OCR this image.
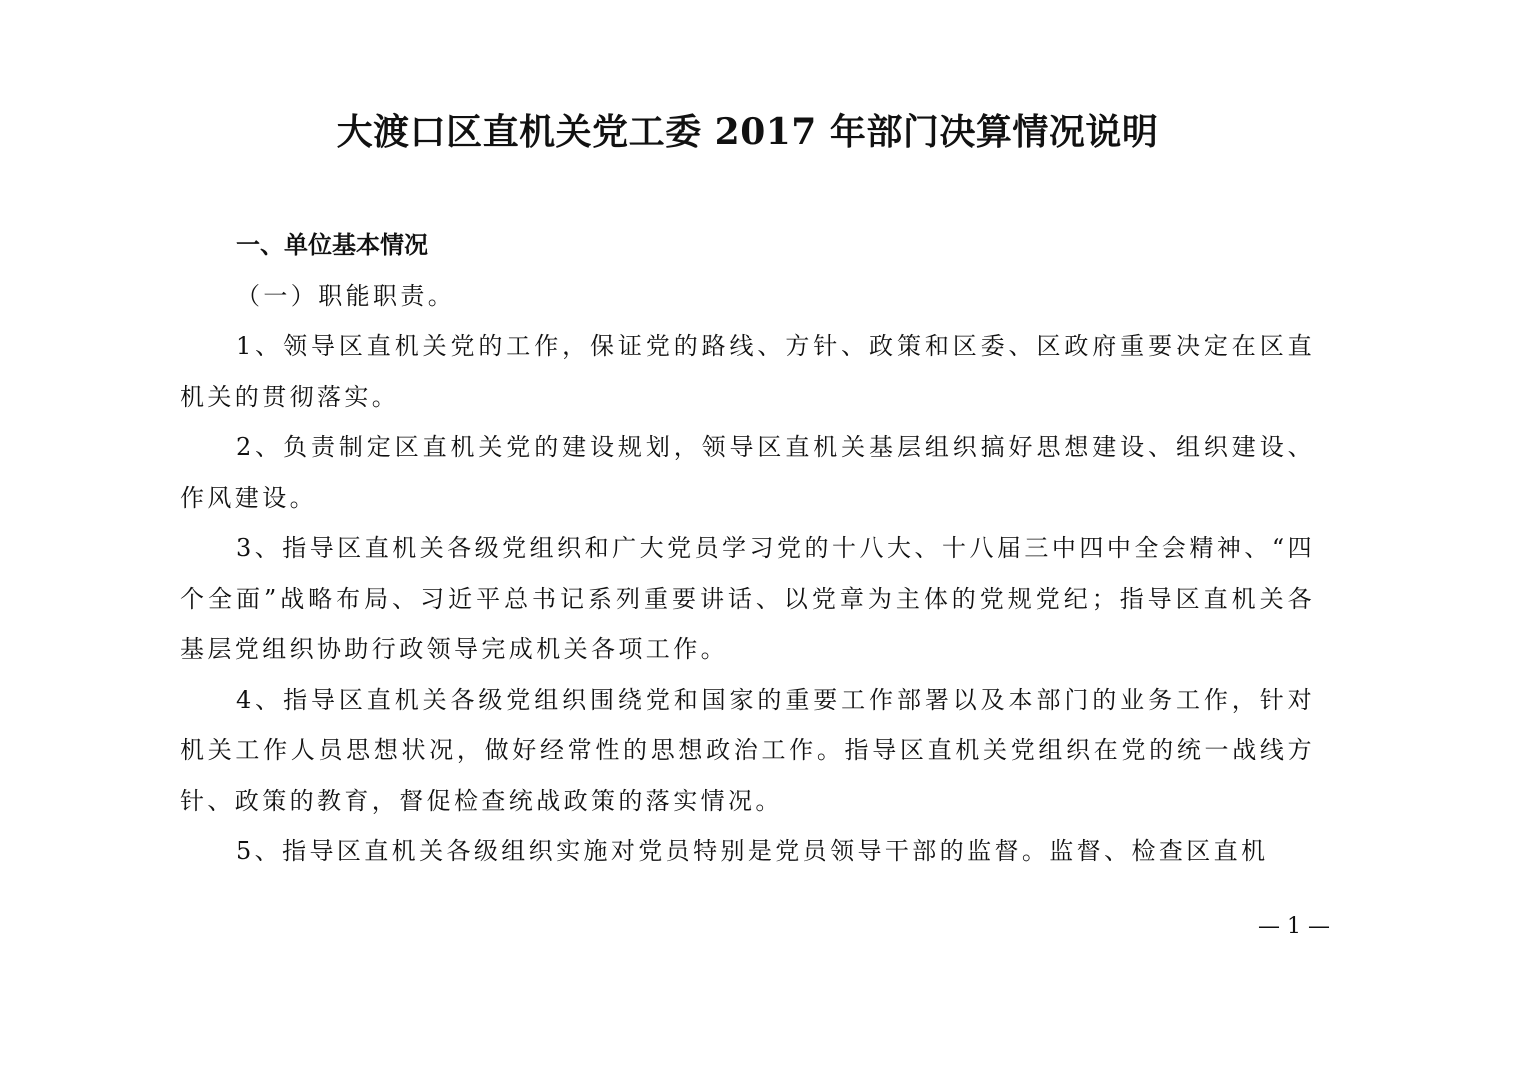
大渡口区直机关党工委 2017 年部门决算情况说明

一、单位基本情况

（一）职能职责。

1、领导区直机关党的工作，保证党的路线、方针、政策和区委、区政府重要决定在区直机关的贯彻落实。

2、负责制定区直机关党的建设规划，领导区直机关基层组织搞好思想建设、组织建设、作风建设。

3、指导区直机关各级党组织和广大党员学习党的十八大、十八届三中四中全会精神、“四个全面”战略布局、习近平总书记系列重要讲话、以党章为主体的党规党纪；指导区直机关各基层党组织协助行政领导完成机关各项工作。

4、指导区直机关各级党组织围绕党和国家的重要工作部署以及本部门的业务工作，针对机关工作人员思想状况，做好经常性的思想政治工作。指导区直机关党组织在党的统一战线方针、政策的教育，督促检查统战政策的落实情况。

5、指导区直机关各级组织实施对党员特别是党员领导干部的监督。监督、检查区直机

— 1 —
